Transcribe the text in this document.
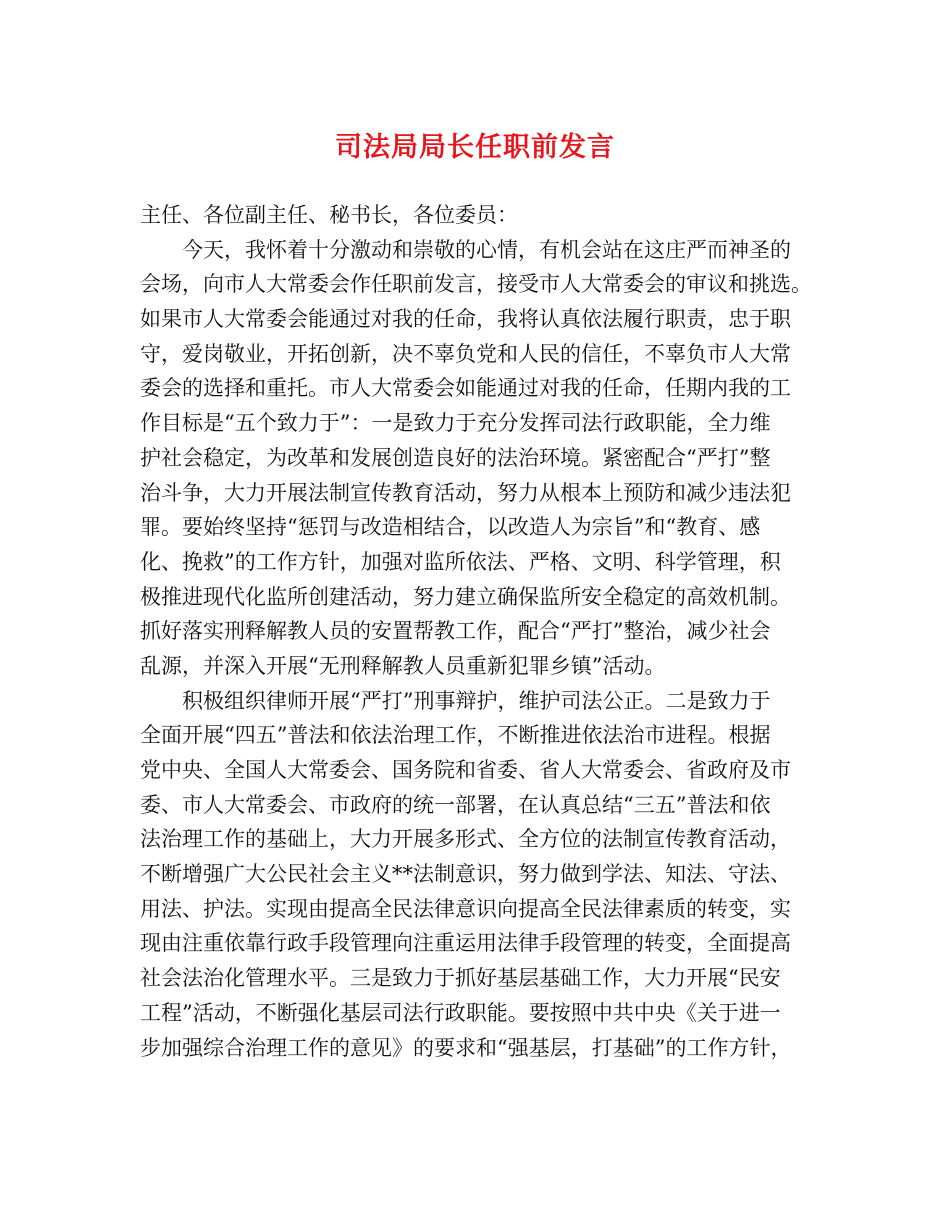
司法局局长任职前发言
主任、各位副主任、秘书长，各位委员：
今天，我怀着十分激动和崇敬的心情，有机会站在这庄严而神圣的
会场，向市人大常委会作任职前发言，接受市人大常委会的审议和挑选。
如果市人大常委会能通过对我的任命，我将认真依法履行职责，忠于职
守，爱岗敬业，开拓创新，决不辜负党和人民的信任，不辜负市人大常
委会的选择和重托。市人大常委会如能通过对我的任命，任期内我的工
作目标是“五个致力于”：一是致力于充分发挥司法行政职能，全力维
护社会稳定，为改革和发展创造良好的法治环境。紧密配合“严打”整
治斗争，大力开展法制宣传教育活动，努力从根本上预防和减少违法犯
罪。要始终坚持“惩罚与改造相结合，以改造人为宗旨”和“教育、感
化、挽救”的工作方针，加强对监所依法、严格、文明、科学管理，积
极推进现代化监所创建活动，努力建立确保监所安全稳定的高效机制。
抓好落实刑释解教人员的安置帮教工作，配合“严打”整治，减少社会
乱源，并深入开展“无刑释解教人员重新犯罪乡镇”活动。
积极组织律师开展“严打”刑事辩护，维护司法公正。二是致力于
全面开展“四五”普法和依法治理工作，不断推进依法治市进程。根据
党中央、全国人大常委会、国务院和省委、省人大常委会、省政府及市
委、市人大常委会、市政府的统一部署，在认真总结“三五”普法和依
法治理工作的基础上，大力开展多形式、全方位的法制宣传教育活动，
不断增强广大公民社会主义**法制意识，努力做到学法、知法、守法、
用法、护法。实现由提高全民法律意识向提高全民法律素质的转变，实
现由注重依靠行政手段管理向注重运用法律手段管理的转变，全面提高
社会法治化管理水平。三是致力于抓好基层基础工作，大力开展“民安
工程”活动，不断强化基层司法行政职能。要按照中共中央《关于进一
步加强综合治理工作的意见》的要求和“强基层，打基础”的工作方针，
